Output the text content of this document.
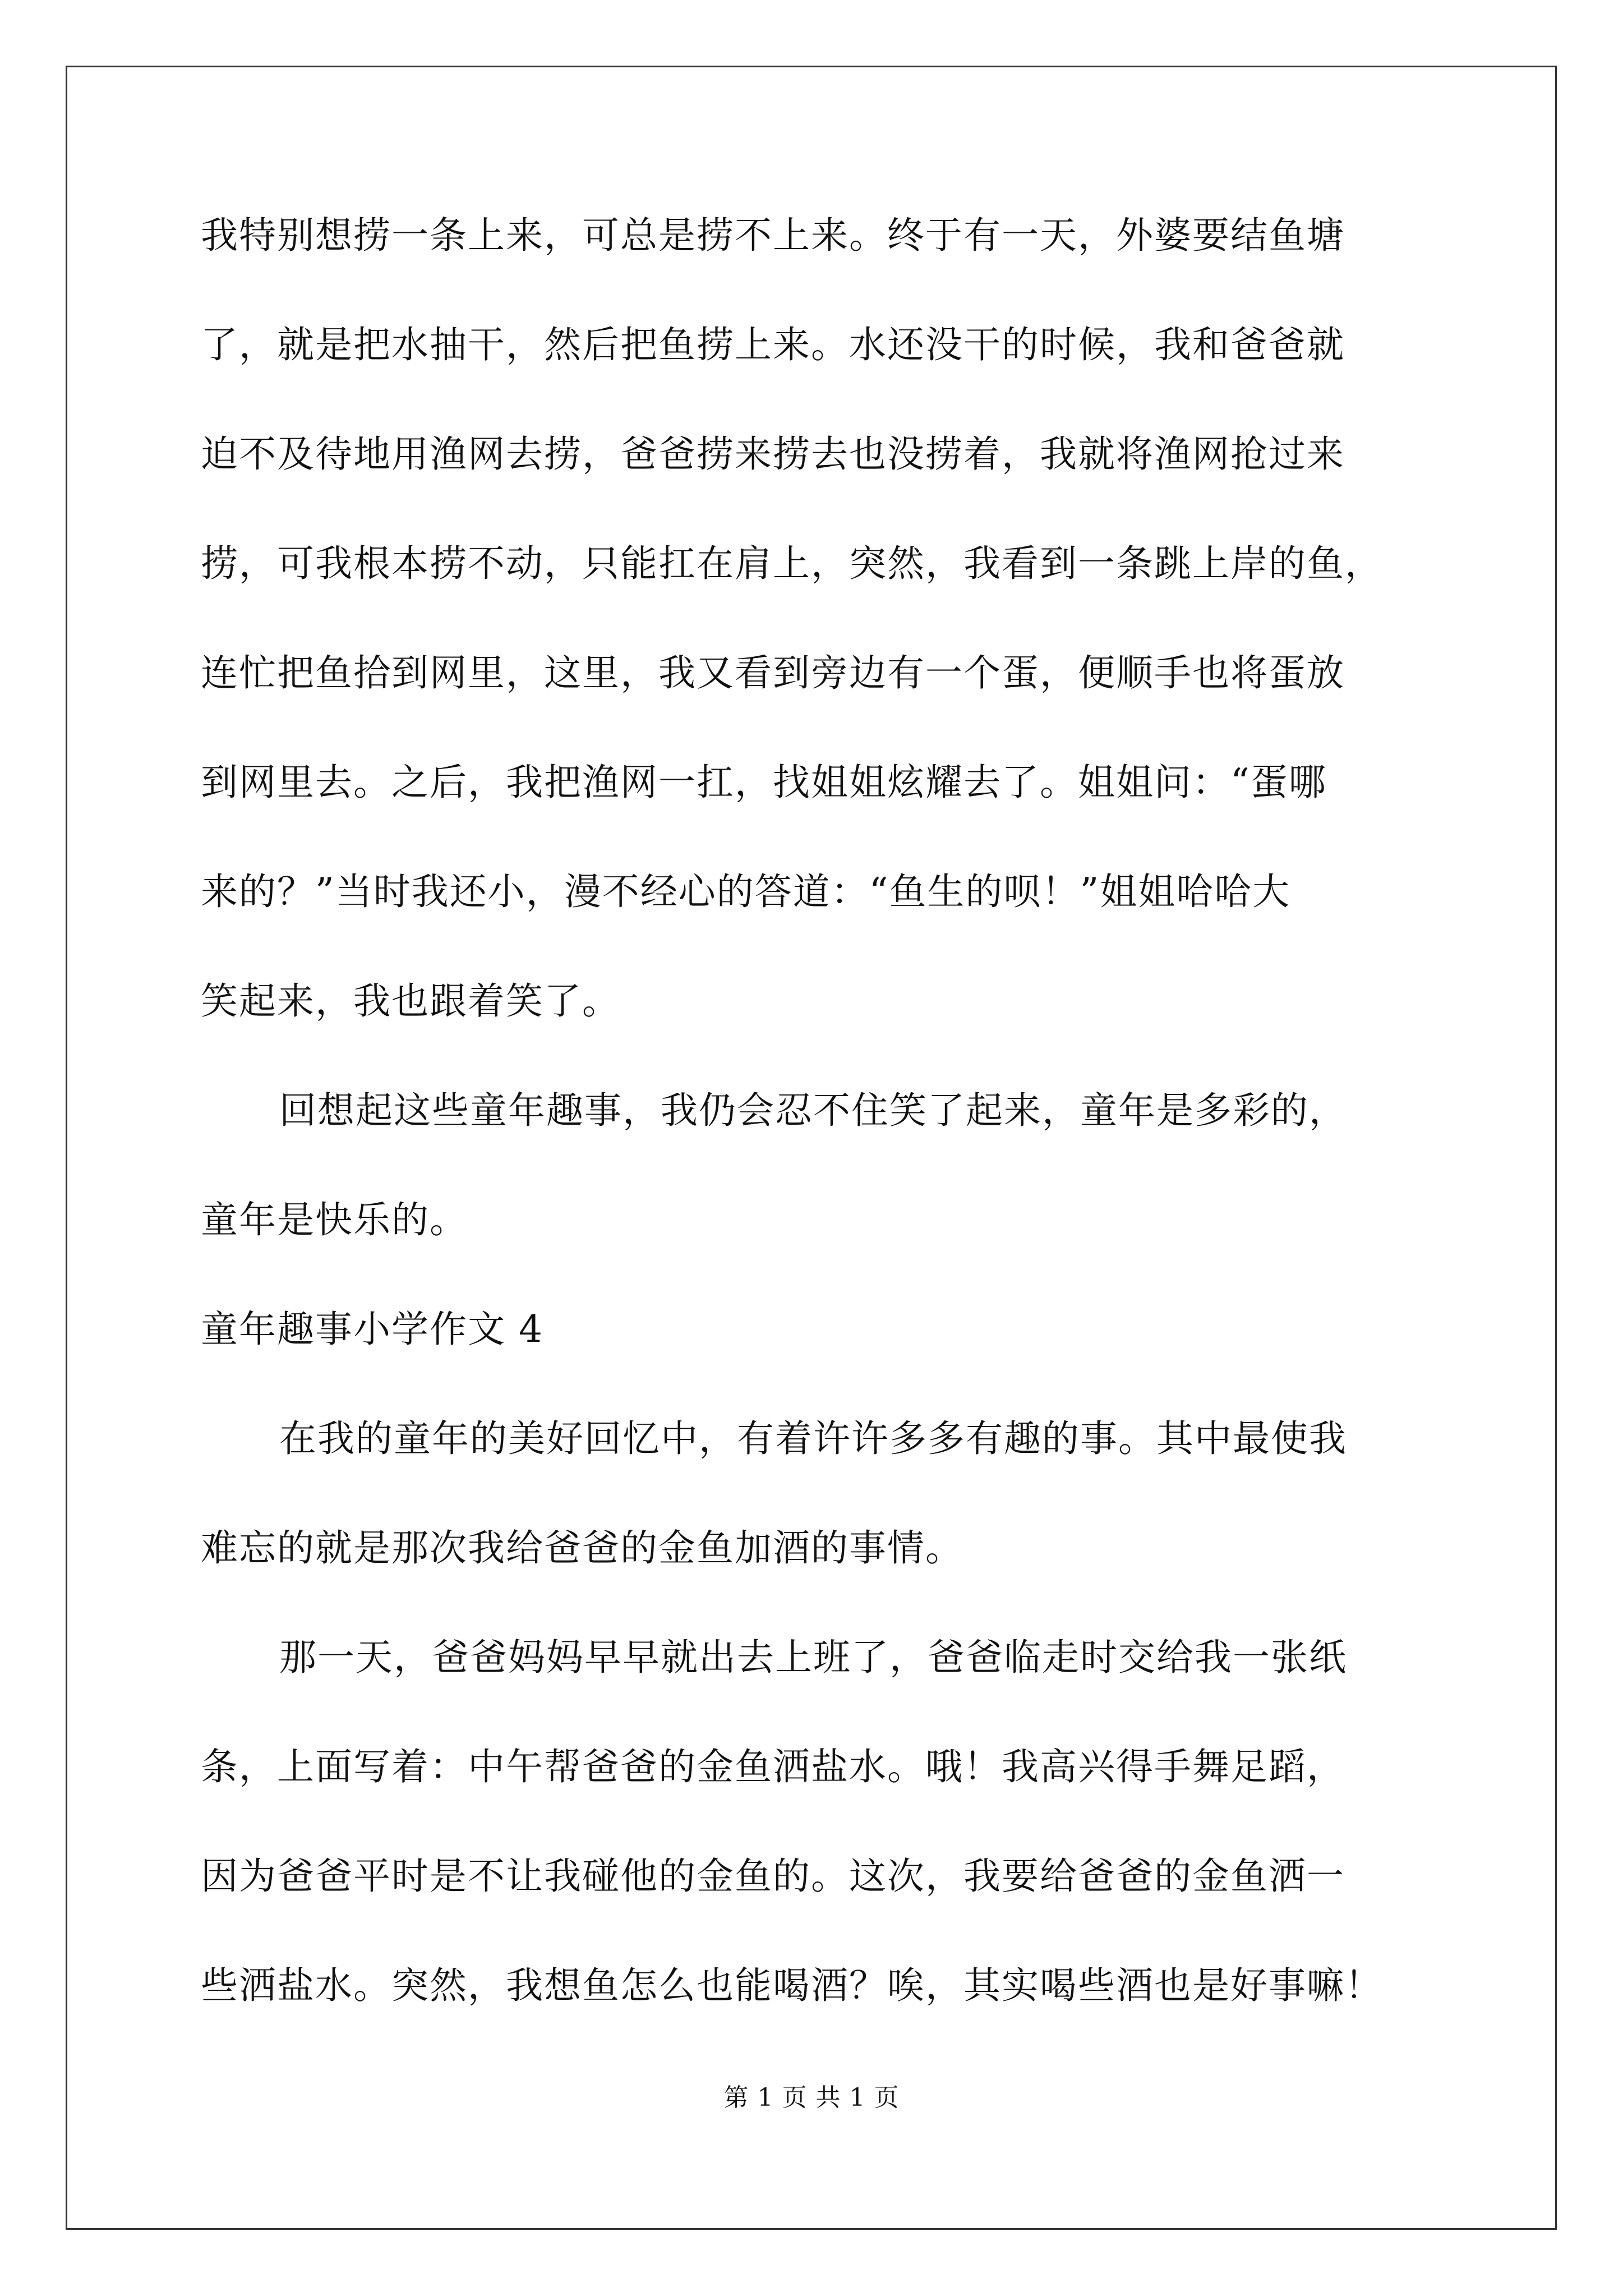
我特别想捞一条上来，可总是捞不上来。终于有一天，外婆要结鱼塘
了，就是把水抽干，然后把鱼捞上来。水还没干的时候，我和爸爸就
迫不及待地用渔网去捞，爸爸捞来捞去也没捞着，我就将渔网抢过来
捞，可我根本捞不动，只能扛在肩上，突然，我看到一条跳上岸的鱼，
连忙把鱼拾到网里，这里，我又看到旁边有一个蛋，便顺手也将蛋放
到网里去。之后，我把渔网一扛，找姐姐炫耀去了。姐姐问：“蛋哪
来的？”当时我还小，漫不经心的答道：“鱼生的呗！”姐姐哈哈大
笑起来，我也跟着笑了。
回想起这些童年趣事，我仍会忍不住笑了起来，童年是多彩的，
童年是快乐的。
童年趣事小学作文 4
在我的童年的美好回忆中，有着许许多多有趣的事。其中最使我
难忘的就是那次我给爸爸的金鱼加酒的事情。
那一天，爸爸妈妈早早就出去上班了，爸爸临走时交给我一张纸
条，上面写着：中午帮爸爸的金鱼洒盐水。哦！我高兴得手舞足蹈，
因为爸爸平时是不让我碰他的金鱼的。这次，我要给爸爸的金鱼洒一
些洒盐水。突然，我想鱼怎么也能喝酒？唉，其实喝些酒也是好事嘛！
第 1 页 共 1 页
